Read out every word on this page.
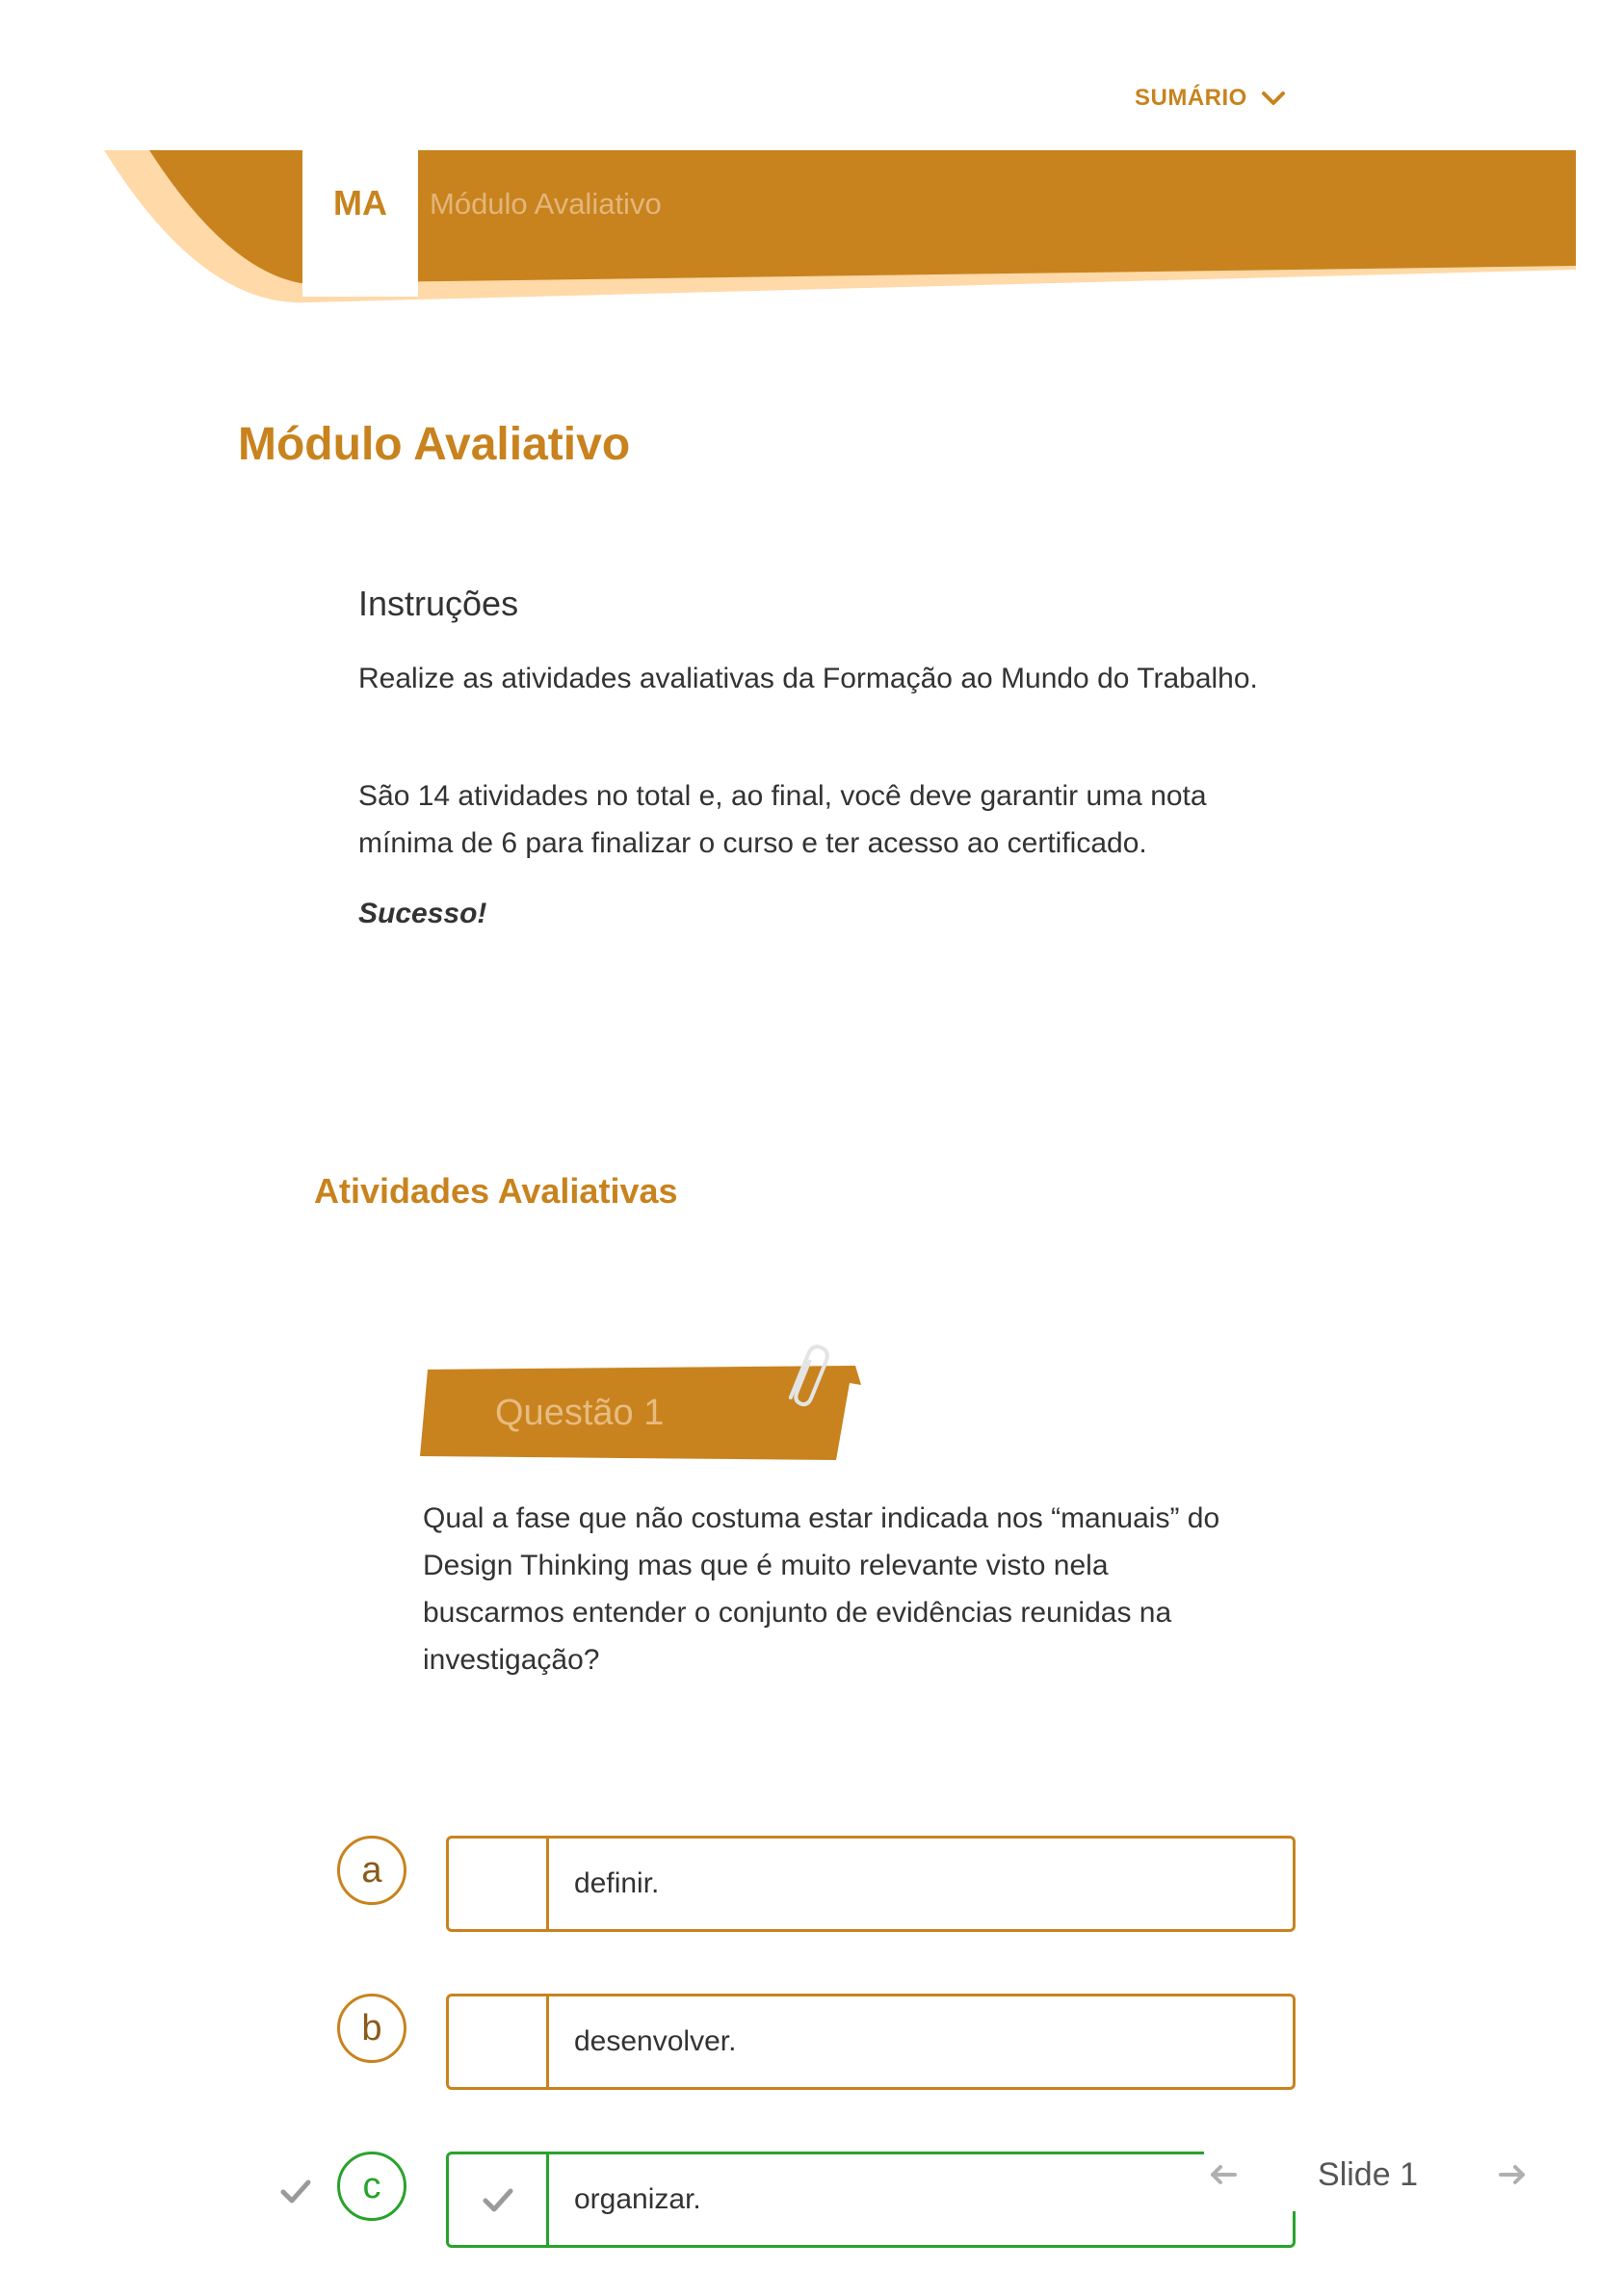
SUMÁRIO
MA	Módulo Avaliativo
Módulo Avaliativo
Instruções
Realize as atividades avaliativas da Formação ao Mundo do Trabalho.
São 14 atividades no total e, ao final, você deve garantir uma nota mínima de 6 para finalizar o curso e ter acesso ao certificado.
Sucesso!
Atividades Avaliativas
Questão 1
Qual a fase que não costuma estar indicada nos “manuais” do Design Thinking mas que é muito relevante visto nela buscarmos entender o conjunto de evidências reunidas na investigação?
a	definir.
b	desenvolver.
c	organizar.
Slide 1
